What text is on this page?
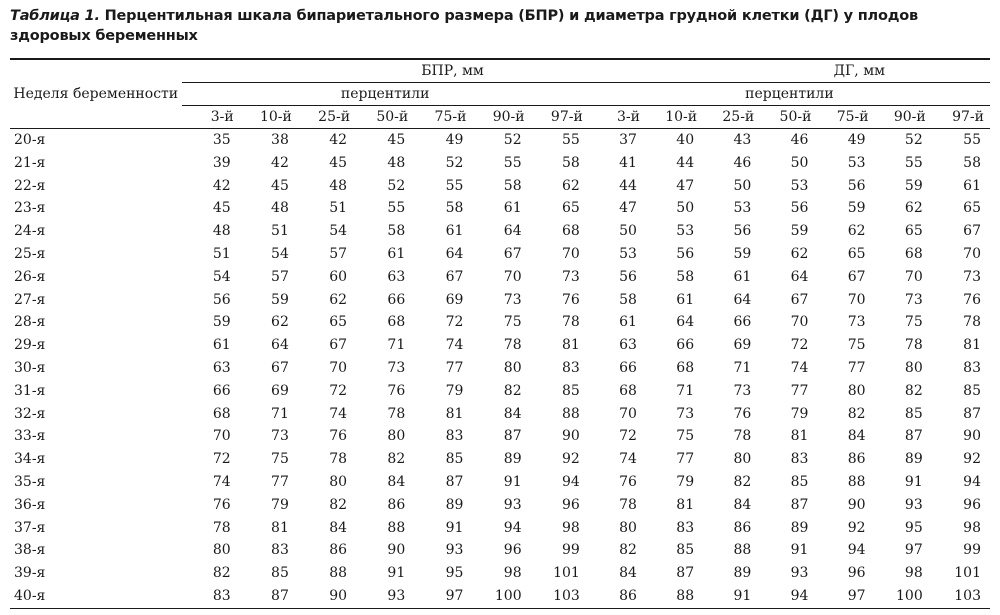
Таблица 1. Перцентильная шкала бипариетального размера (БПР) и диаметра грудной клетки (ДГ) у плодов здоровых беременных

Неделя беременности	БПР, мм							ДГ, мм						
	перцентили							перцентили						
	3-й	10-й	25-й	50-й	75-й	90-й	97-й	3-й	10-й	25-й	50-й	75-й	90-й	97-й
20-я	35	38	42	45	49	52	55	37	40	43	46	49	52	55
21-я	39	42	45	48	52	55	58	41	44	46	50	53	55	58
22-я	42	45	48	52	55	58	62	44	47	50	53	56	59	61
23-я	45	48	51	55	58	61	65	47	50	53	56	59	62	65
24-я	48	51	54	58	61	64	68	50	53	56	59	62	65	67
25-я	51	54	57	61	64	67	70	53	56	59	62	65	68	70
26-я	54	57	60	63	67	70	73	56	58	61	64	67	70	73
27-я	56	59	62	66	69	73	76	58	61	64	67	70	73	76
28-я	59	62	65	68	72	75	78	61	64	66	70	73	75	78
29-я	61	64	67	71	74	78	81	63	66	69	72	75	78	81
30-я	63	67	70	73	77	80	83	66	68	71	74	77	80	83
31-я	66	69	72	76	79	82	85	68	71	73	77	80	82	85
32-я	68	71	74	78	81	84	88	70	73	76	79	82	85	87
33-я	70	73	76	80	83	87	90	72	75	78	81	84	87	90
34-я	72	75	78	82	85	89	92	74	77	80	83	86	89	92
35-я	74	77	80	84	87	91	94	76	79	82	85	88	91	94
36-я	76	79	82	86	89	93	96	78	81	84	87	90	93	96
37-я	78	81	84	88	91	94	98	80	83	86	89	92	95	98
38-я	80	83	86	90	93	96	99	82	85	88	91	94	97	99
39-я	82	85	88	91	95	98	101	84	87	89	93	96	98	101
40-я	83	87	90	93	97	100	103	86	88	91	94	97	100	103
